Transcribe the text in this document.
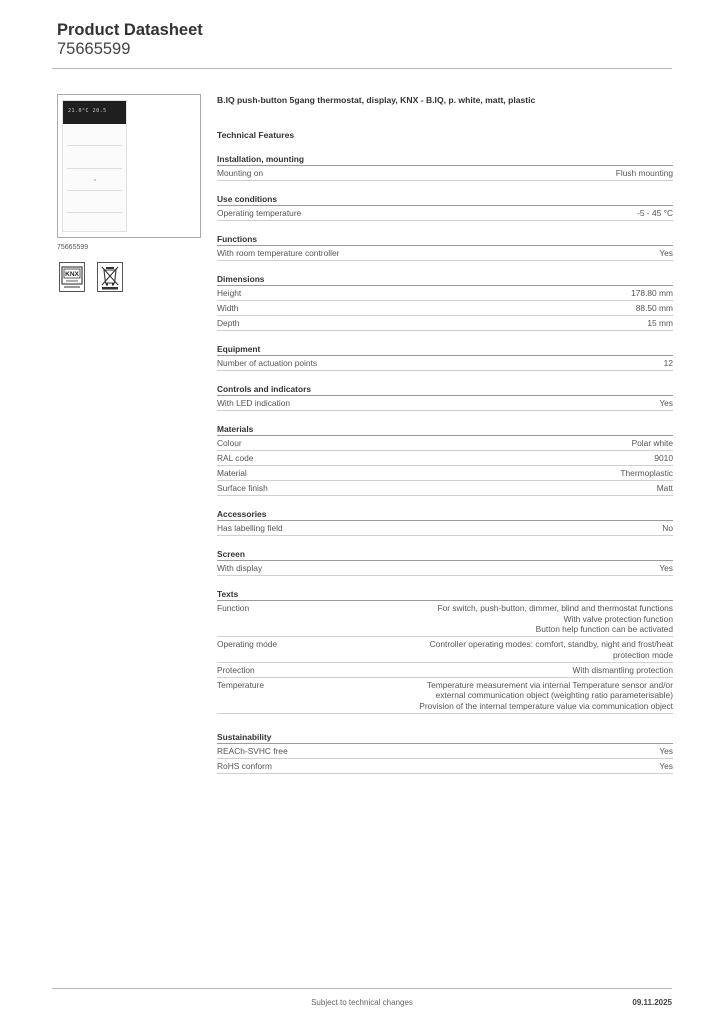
Product Datasheet
75665599
21.0°C 20.5
75665599
KNX
B.IQ push-button 5gang thermostat, display, KNX - B.IQ, p. white, matt, plastic
Technical Features
Installation, mounting
Mounting on	Flush mounting
Use conditions
Operating temperature	-5 - 45 °C
Functions
With room temperature controller	Yes
Dimensions
Height	178.80 mm
Width	88.50 mm
Depth	15 mm
Equipment
Number of actuation points	12
Controls and indicators
With LED indication	Yes
Materials
Colour	Polar white
RAL code	9010
Material	Thermoplastic
Surface finish	Matt
Accessories
Has labelling field	No
Screen
With display	Yes
Texts
Function	For switch, push-button, dimmer, blind and thermostat functions
With valve protection function
Button help function can be activated
Operating mode	Controller operating modes: comfort, standby, night and frost/heat
protection mode
Protection	With dismantling protection
Temperature	Temperature measurement via internal Temperature sensor and/or
external communication object (weighting ratio parameterisable)
Provision of the internal temperature value via communication object
Sustainability
REACh-SVHC free	Yes
RoHS conform	Yes
Subject to technical changes	09.11.2025
